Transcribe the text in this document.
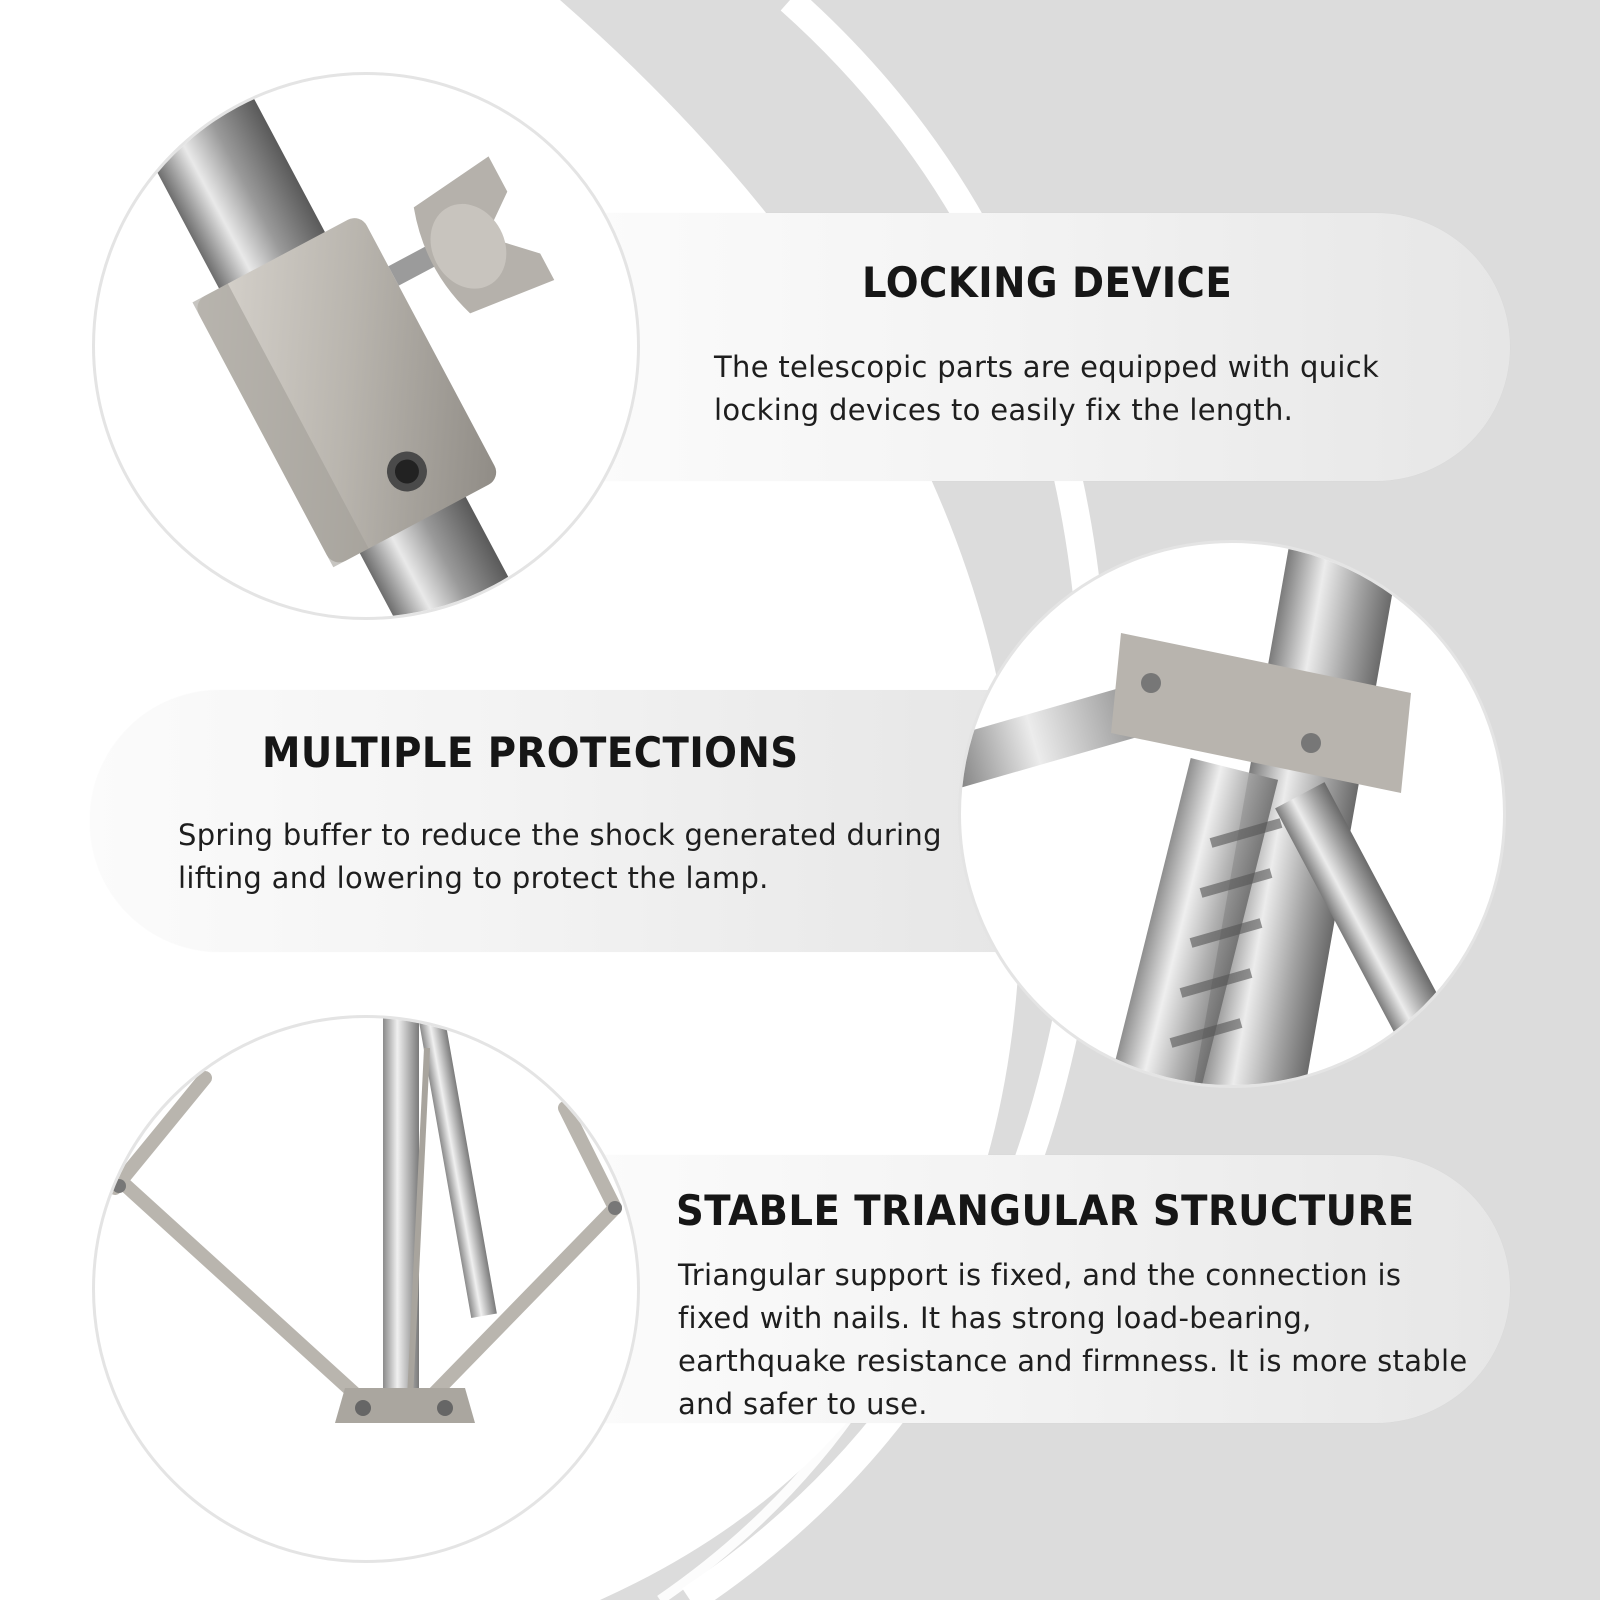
LOCKING DEVICE
The telescopic parts are equipped with quick locking devices to easily fix the length.
MULTIPLE PROTECTIONS
Spring buffer to reduce the shock generated during lifting and lowering to protect the lamp.
STABLE TRIANGULAR STRUCTURE
Triangular support is fixed, and the connection is fixed with nails. It has strong load-bearing, earthquake resistance and firmness. It is more stable and safer to use.
